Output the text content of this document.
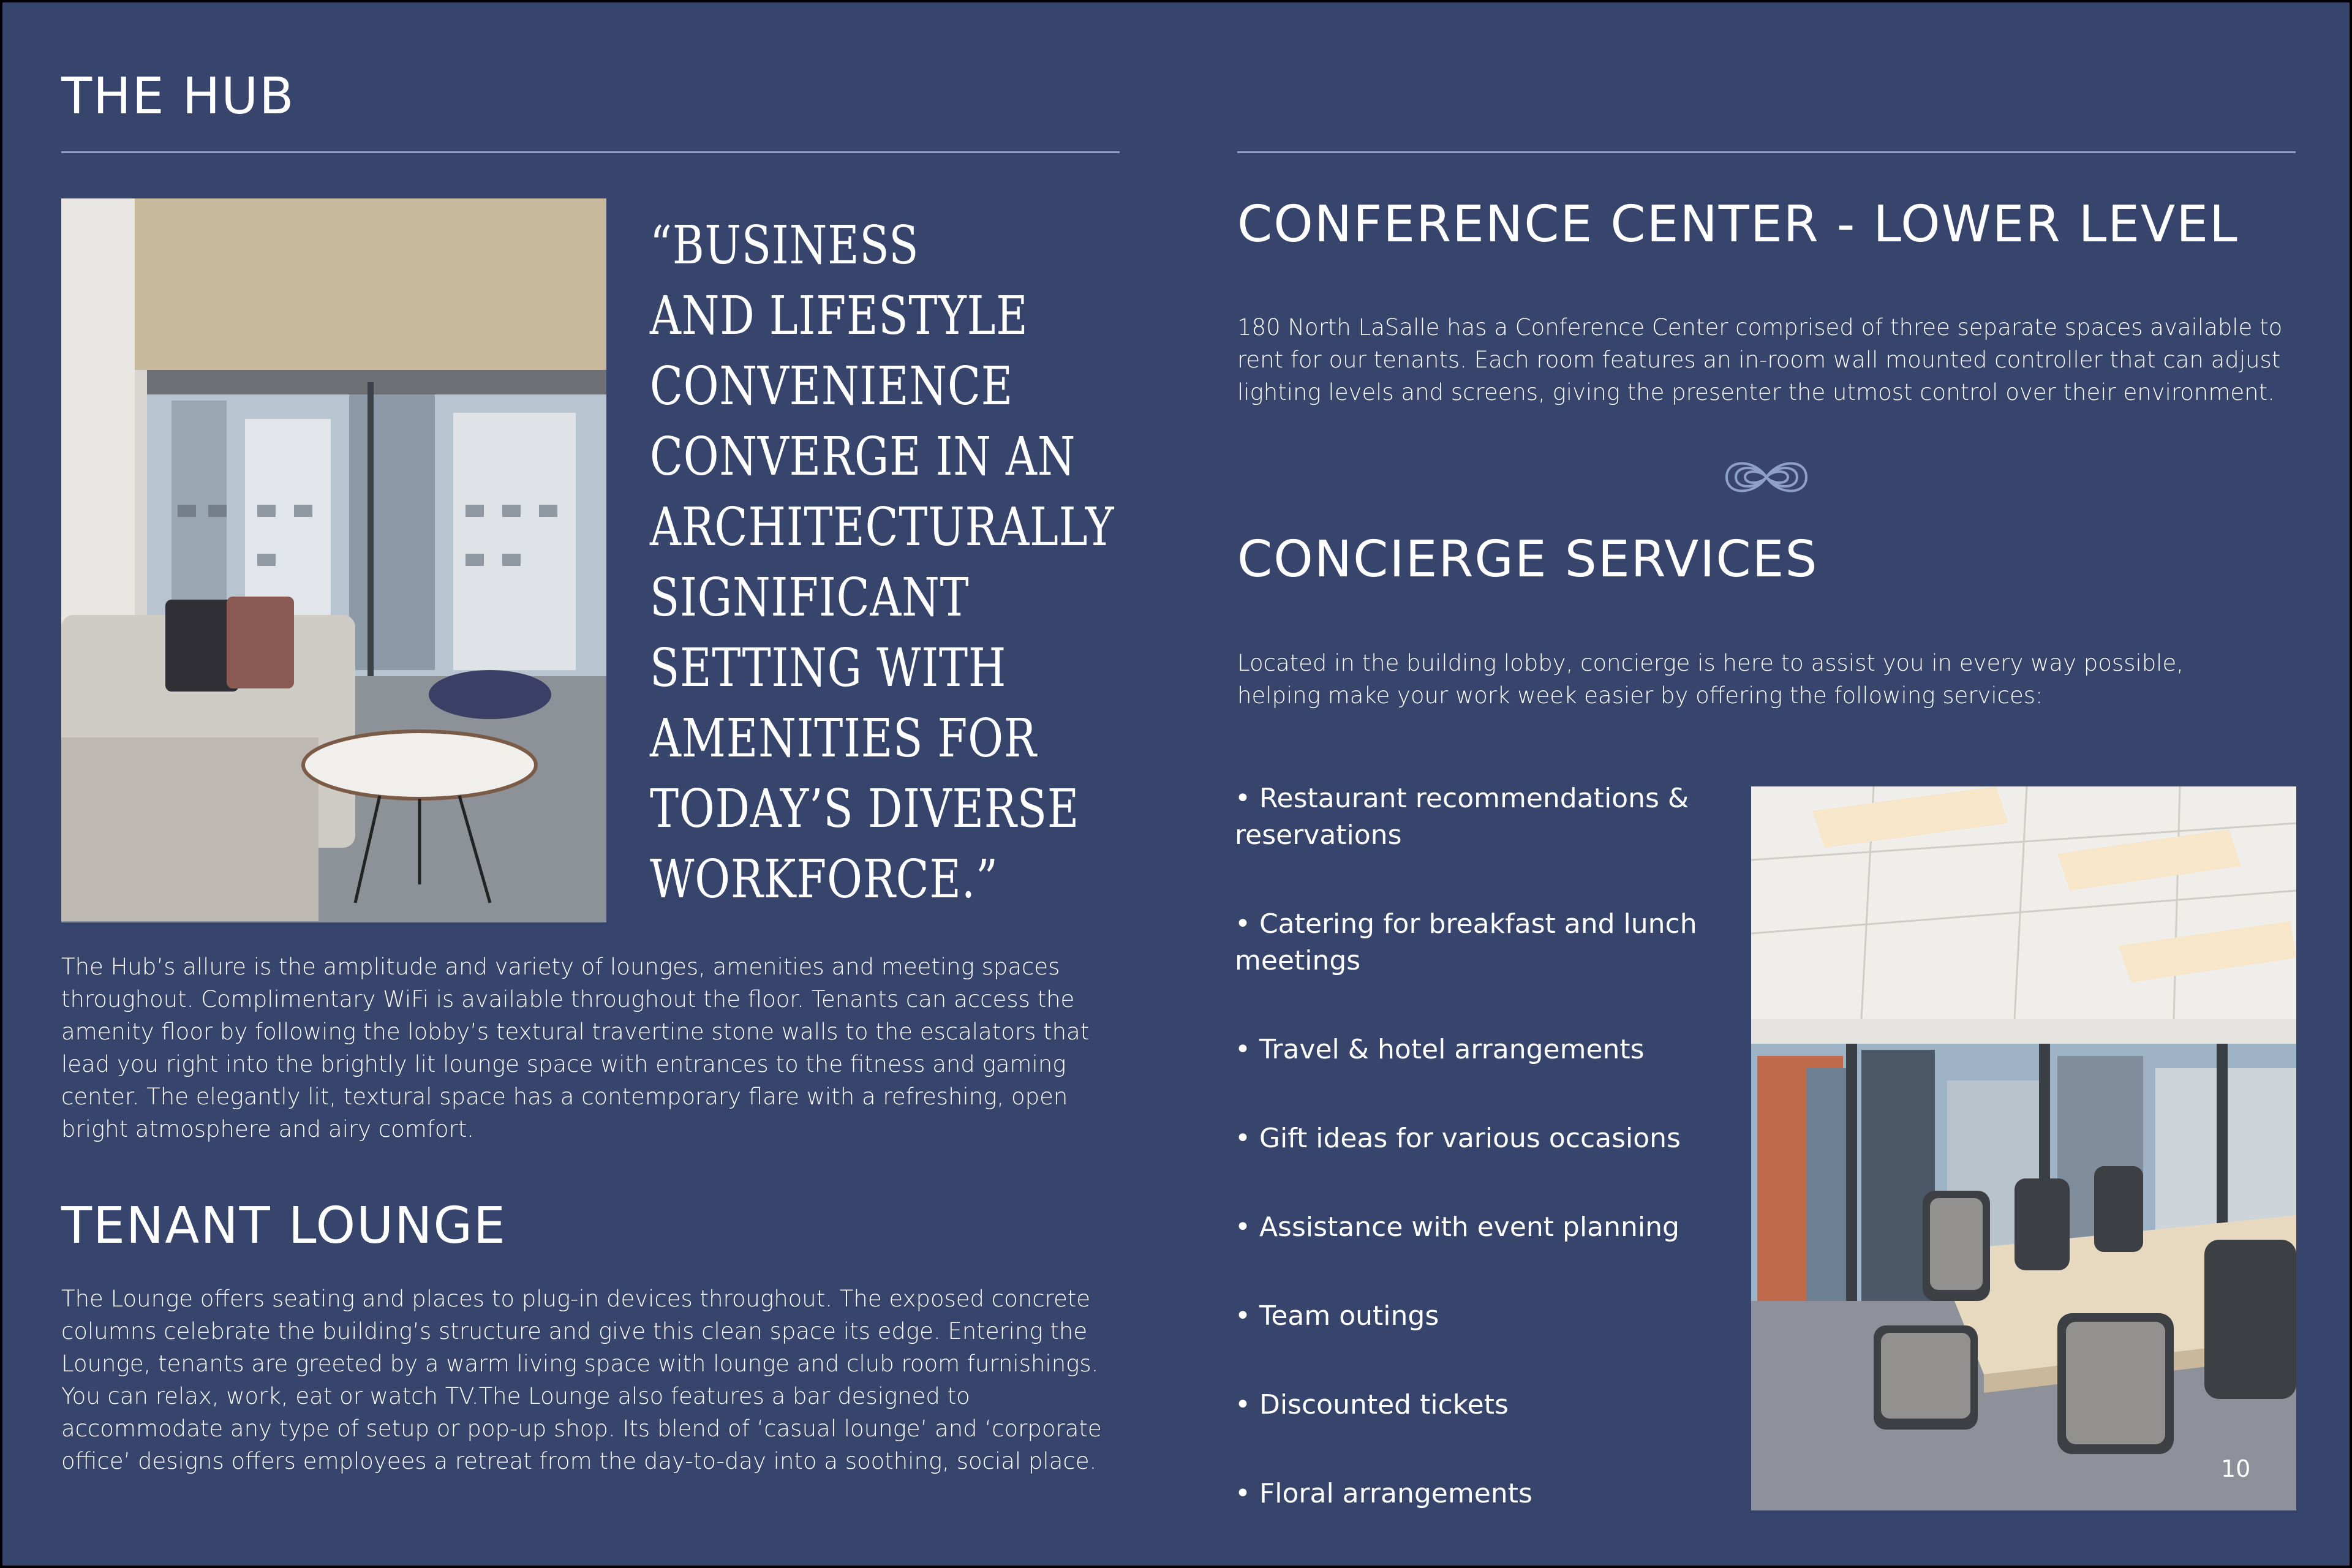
THE HUB
“BUSINESS
AND LIFESTYLE
CONVENIENCE
CONVERGE IN AN
ARCHITECTURALLY
SIGNIFICANT
SETTING WITH
AMENITIES FOR
TODAY’S DIVERSE
WORKFORCE.”

The Hub’s allure is the amplitude and variety of lounges, amenities and meeting spaces throughout. Complimentary WiFi is available throughout the floor. Tenants can access the amenity floor by following the lobby’s textural travertine stone walls to the escalators that lead you right into the brightly lit lounge space with entrances to the fitness and gaming center. The elegantly lit, textural space has a contemporary flare with a refreshing, open bright atmosphere and airy comfort.

TENANT LOUNGE

The Lounge offers seating and places to plug-in devices throughout. The exposed concrete columns celebrate the building’s structure and give this clean space its edge. Entering the Lounge, tenants are greeted by a warm living space with lounge and club room furnishings. You can relax, work, eat or watch TV.The Lounge also features a bar designed to accommodate any type of setup or pop-up shop. Its blend of ‘casual lounge’ and ‘corporate office’ designs offers employees a retreat from the day-to-day into a soothing, social place.

CONFERENCE CENTER - LOWER LEVEL

180 North LaSalle has a Conference Center comprised of three separate spaces available to rent for our tenants. Each room features an in-room wall mounted controller that can adjust lighting levels and screens, giving the presenter the utmost control over their environment.

CONCIERGE SERVICES

Located in the building lobby, concierge is here to assist you in every way possible, helping make your work week easier by offering the following services:

• Restaurant recommendations & reservations
• Catering for breakfast and lunch meetings
• Travel & hotel arrangements
• Gift ideas for various occasions
• Assistance with event planning
• Team outings
• Discounted tickets
• Floral arrangements
10
